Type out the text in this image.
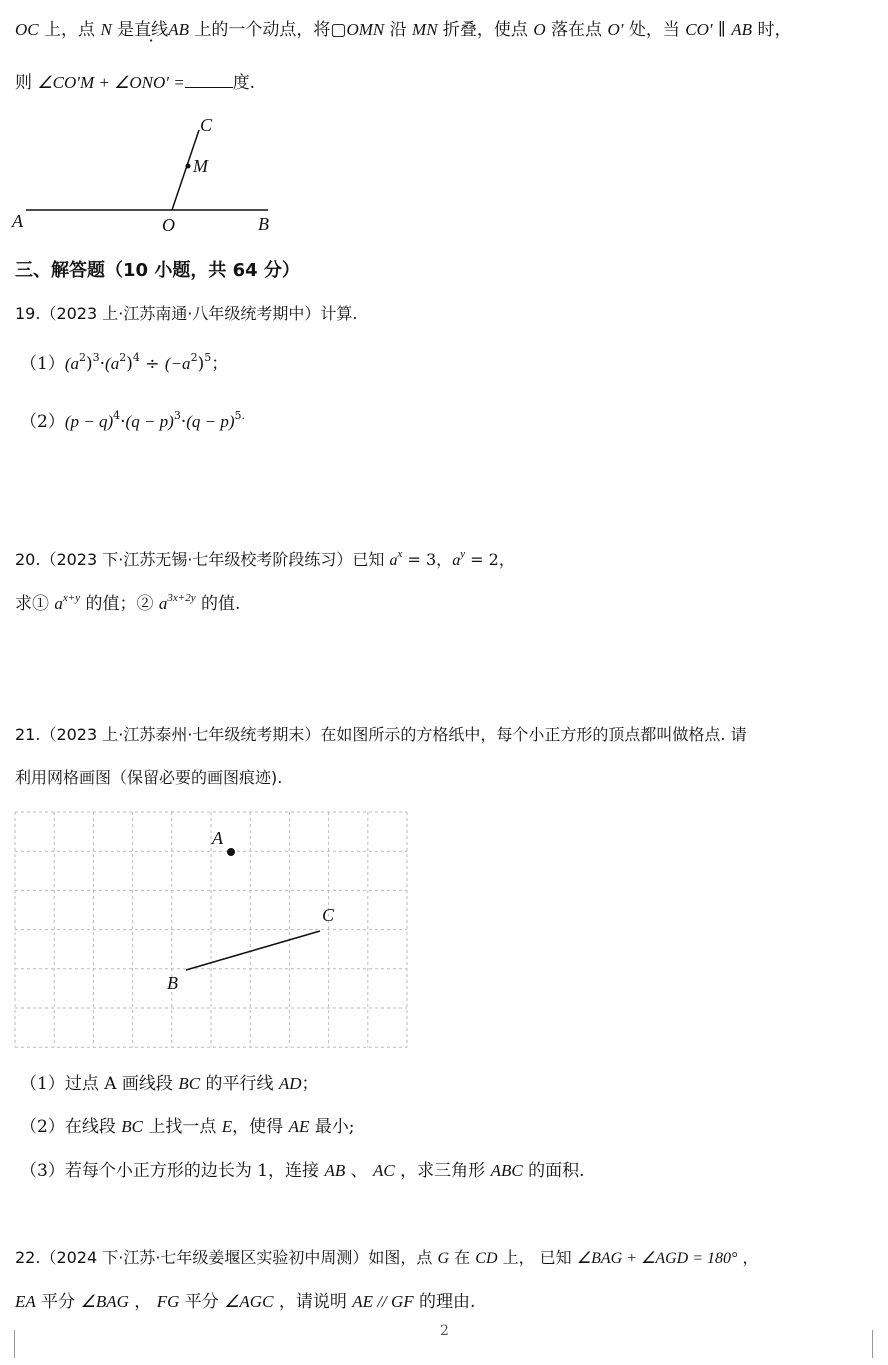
OC 上，点 N 是直线AB 上的一个动点，将▢OMN 沿 MN 折叠，使点 O 落在点 O′ 处，当 CO′ ∥ AB 时，
则 ∠CO′M + ∠ONO′ =	度.
A	O	B
C
M
三、解答题（10 小题，共 64 分）
19.（2023 上·江苏南通·八年级统考期中）计算.
$(1)(a^2)^3\cdot(a^2)^4 \div (-a^2)^5$；
$(2)(p - q)^4\cdot(q - p)^3\cdot(q - p)^{5.}$
20.（2023 下·江苏无锡·七年级校考阶段练习）已知 $a^x = 3$，$a^y = 2$，
求① $a^{x+y}$ 的值；② $a^{3x+2y}$ 的值.
21.（2023 上·江苏泰州·七年级统考期末）在如图所示的方格纸中，每个小正方形的顶点都叫做格点. 请
利用网格画图（保留必要的画图痕迹).
A
B
C
（1）过点 A 画线段 BC 的平行线 AD；
（2）在线段 BC 上找一点 E，使得 AE 最小;
（3）若每个小正方形的边长为 1，连接 AB 、 AC ，求三角形 ABC 的面积.
22.（2024 下·江苏·七年级姜堰区实验初中周测）如图，点 G 在 CD 上， 已知 ∠BAG + ∠AGD = 180° ，
EA 平分 ∠BAG ， FG 平分 ∠AGC ，请说明 AE // GF 的理由.
2
